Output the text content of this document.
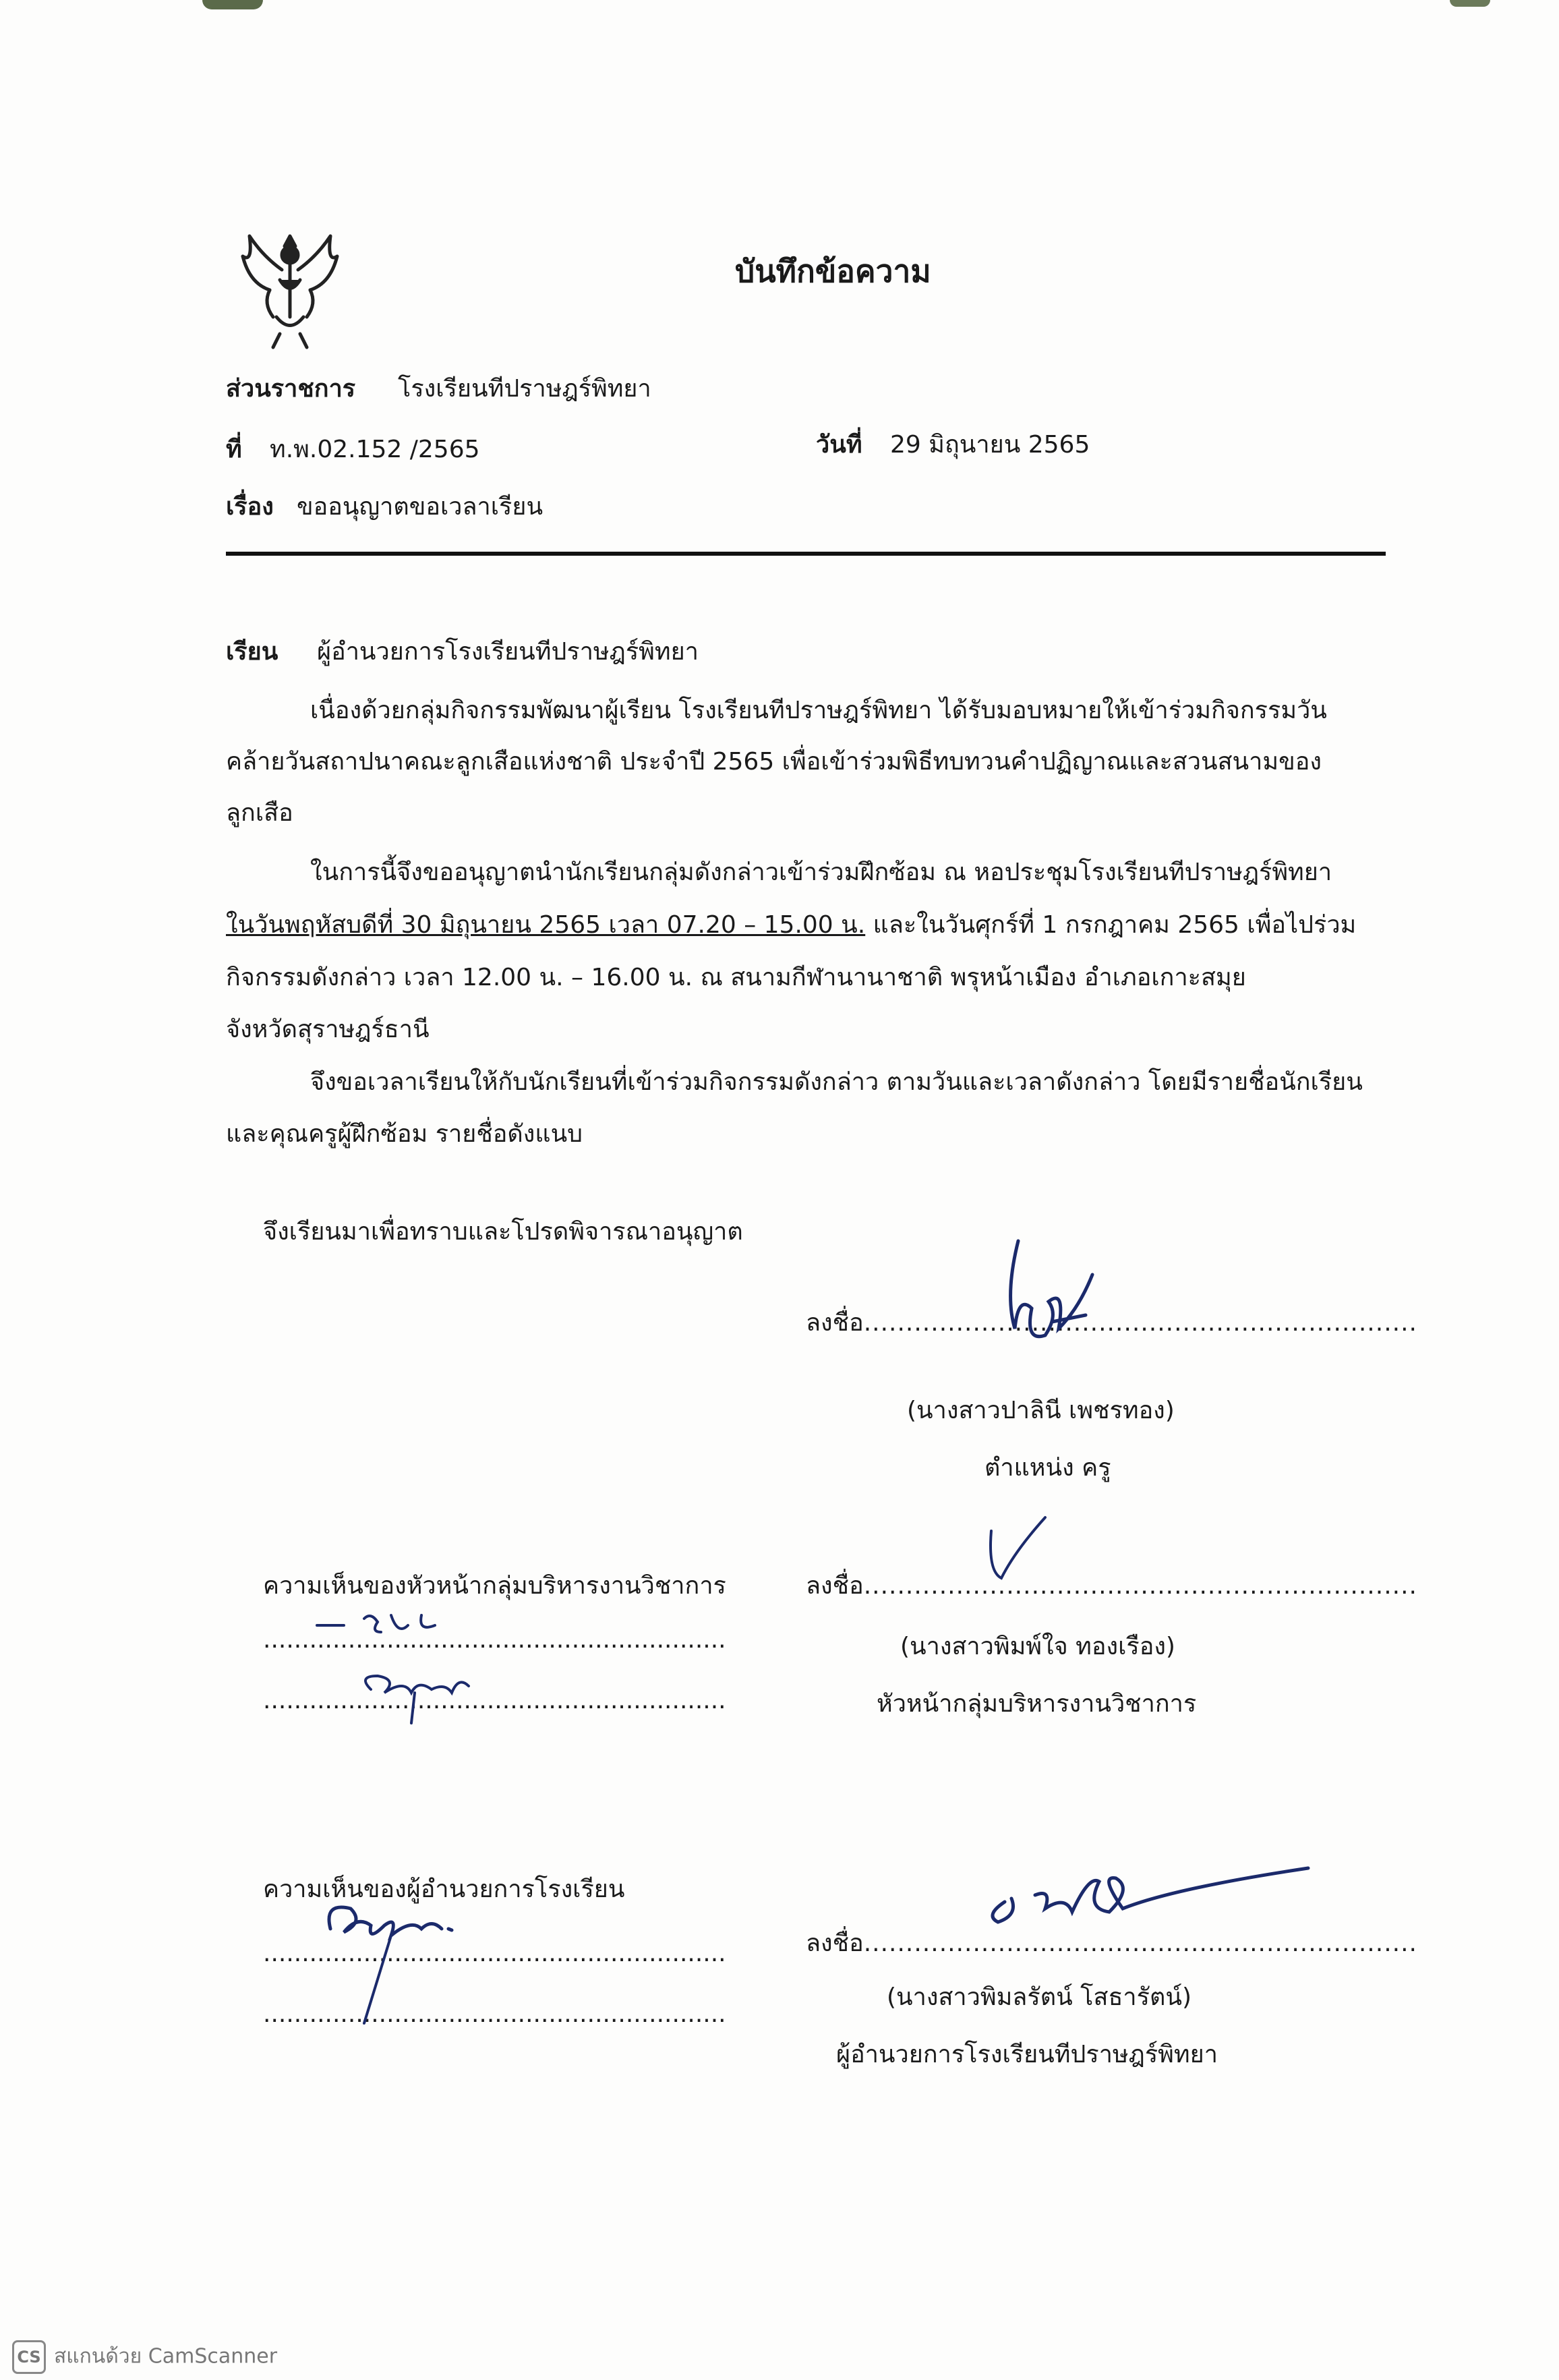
บันทึกข้อความ
ส่วนราชการ โรงเรียนทีปราษฎร์พิทยา
ที่ ท.พ.02.152 /2565	วันที่ 29 มิถุนายน 2565
เรื่อง ขออนุญาตขอเวลาเรียน
เรียน ผู้อำนวยการโรงเรียนทีปราษฎร์พิทยา
เนื่องด้วยกลุ่มกิจกรรมพัฒนาผู้เรียน โรงเรียนทีปราษฎร์พิทยา ได้รับมอบหมายให้เข้าร่วมกิจกรรมวัน
คล้ายวันสถาปนาคณะลูกเสือแห่งชาติ ประจำปี 2565 เพื่อเข้าร่วมพิธีทบทวนคำปฏิญาณและสวนสนามของ
ลูกเสือ
ในการนี้จึงขออนุญาตนำนักเรียนกลุ่มดังกล่าวเข้าร่วมฝึกซ้อม ณ หอประชุมโรงเรียนทีปราษฎร์พิทยา
ในวันพฤหัสบดีที่ 30 มิถุนายน 2565 เวลา 07.20 – 15.00 น. และในวันศุกร์ที่ 1 กรกฎาคม 2565 เพื่อไปร่วม
กิจกรรมดังกล่าว เวลา 12.00 น. – 16.00 น. ณ สนามกีฬานานาชาติ พรุหน้าเมือง อำเภอเกาะสมุย
จังหวัดสุราษฎร์ธานี
จึงขอเวลาเรียนให้กับนักเรียนที่เข้าร่วมกิจกรรมดังกล่าว ตามวันและเวลาดังกล่าว โดยมีรายชื่อนักเรียน
และคุณครูผู้ฝึกซ้อม รายชื่อดังแนบ
จึงเรียนมาเพื่อทราบและโปรดพิจารณาอนุญาต
ลงชื่อ..................................................................
(นางสาวปาลินี เพชรทอง)
ตำแหน่ง ครู
ความเห็นของหัวหน้ากลุ่มบริหารงานวิชาการ
............................................................
............................................................
ลงชื่อ..................................................................
(นางสาวพิมพ์ใจ ทองเรือง)
หัวหน้ากลุ่มบริหารงานวิชาการ
ความเห็นของผู้อำนวยการโรงเรียน
............................................................
............................................................
ลงชื่อ..................................................................
(นางสาวพิมลรัตน์ โสธารัตน์)
ผู้อำนวยการโรงเรียนทีปราษฎร์พิทยา
CS สแกนด้วย CamScanner
